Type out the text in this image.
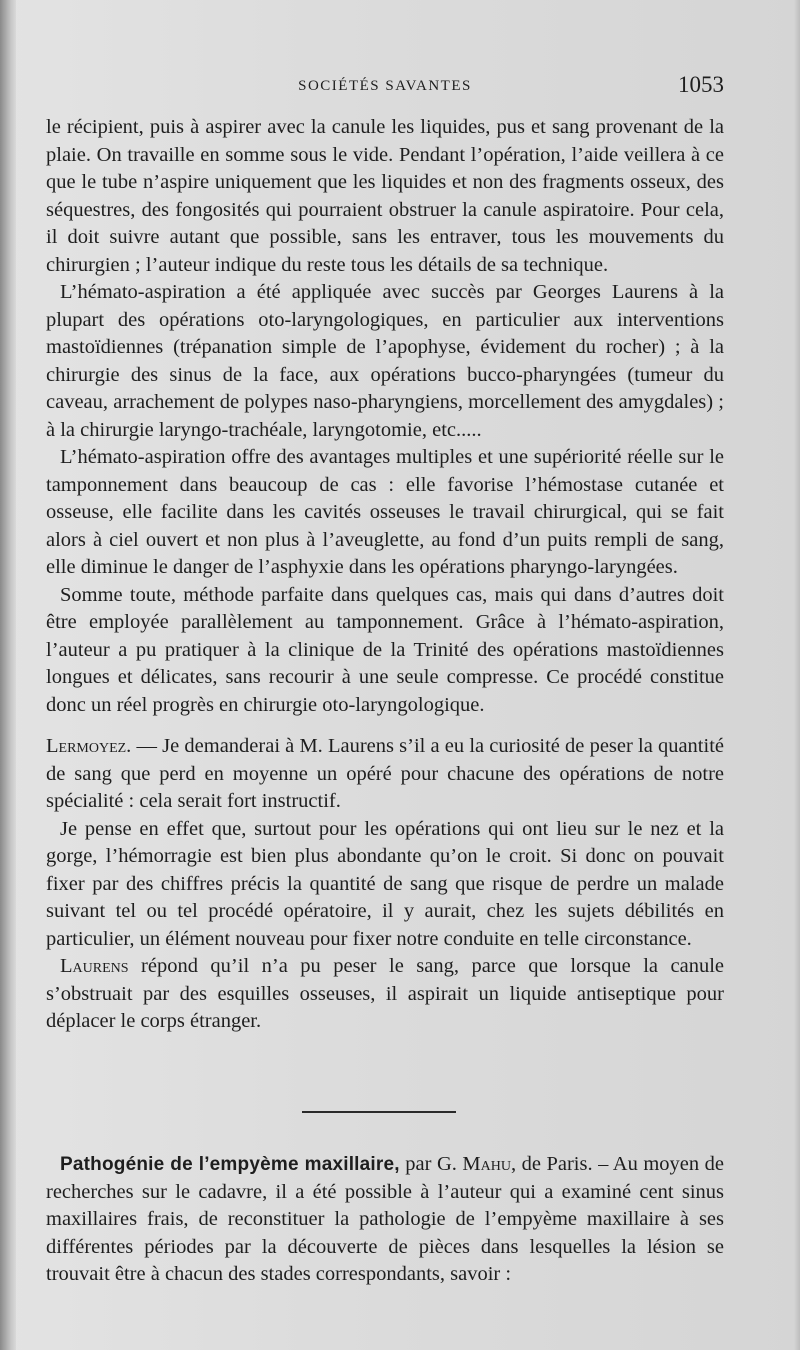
SOCIÉTÉS SAVANTES	1053

le récipient, puis à aspirer avec la canule les liquides, pus et sang provenant de la plaie. On travaille en somme sous le vide. Pendant l’opération, l’aide veillera à ce que le tube n’aspire uniquement que les liquides et non des fragments osseux, des séquestres, des fongosités qui pourraient obstruer la canule aspiratoire. Pour cela, il doit suivre autant que possible, sans les entraver, tous les mouvements du chirurgien ; l’auteur indique du reste tous les détails de sa technique.

L’hémato-aspiration a été appliquée avec succès par Georges Laurens à la plupart des opérations oto-laryngologiques, en particulier aux interventions mastoïdiennes (trépanation simple de l’apophyse, évidement du rocher) ; à la chirurgie des sinus de la face, aux opérations bucco-pharyngées (tumeur du caveau, arrachement de polypes naso-pharyngiens, morcellement des amygdales) ; à la chirurgie laryngo-trachéale, laryngotomie, etc.....

L’hémato-aspiration offre des avantages multiples et une supériorité réelle sur le tamponnement dans beaucoup de cas : elle favorise l’hémostase cutanée et osseuse, elle facilite dans les cavités osseuses le travail chirurgical, qui se fait alors à ciel ouvert et non plus à l’aveuglette, au fond d’un puits rempli de sang, elle diminue le danger de l’asphyxie dans les opérations pharyngo-laryngées.

Somme toute, méthode parfaite dans quelques cas, mais qui dans d’autres doit être employée parallèlement au tamponnement. Grâce à l’hémato-aspiration, l’auteur a pu pratiquer à la clinique de la Trinité des opérations mastoïdiennes longues et délicates, sans recourir à une seule compresse. Ce procédé constitue donc un réel progrès en chirurgie oto-laryngologique.

Lermoyez. — Je demanderai à M. Laurens s’il a eu la curiosité de peser la quantité de sang que perd en moyenne un opéré pour chacune des opérations de notre spécialité : cela serait fort instructif.

Je pense en effet que, surtout pour les opérations qui ont lieu sur le nez et la gorge, l’hémorragie est bien plus abondante qu’on le croit. Si donc on pouvait fixer par des chiffres précis la quantité de sang que risque de perdre un malade suivant tel ou tel procédé opératoire, il y aurait, chez les sujets débilités en particulier, un élément nouveau pour fixer notre conduite en telle circonstance.

Laurens répond qu’il n’a pu peser le sang, parce que lorsque la canule s’obstruait par des esquilles osseuses, il aspirait un liquide antiseptique pour déplacer le corps étranger.

Pathogénie de l’empyème maxillaire, par G. Mahu, de Paris. – Au moyen de recherches sur le cadavre, il a été possible à l’auteur qui a examiné cent sinus maxillaires frais, de reconstituer la pathologie de l’empyème maxillaire à ses différentes périodes par la découverte de pièces dans lesquelles la lésion se trouvait être à chacun des stades correspondants, savoir :
